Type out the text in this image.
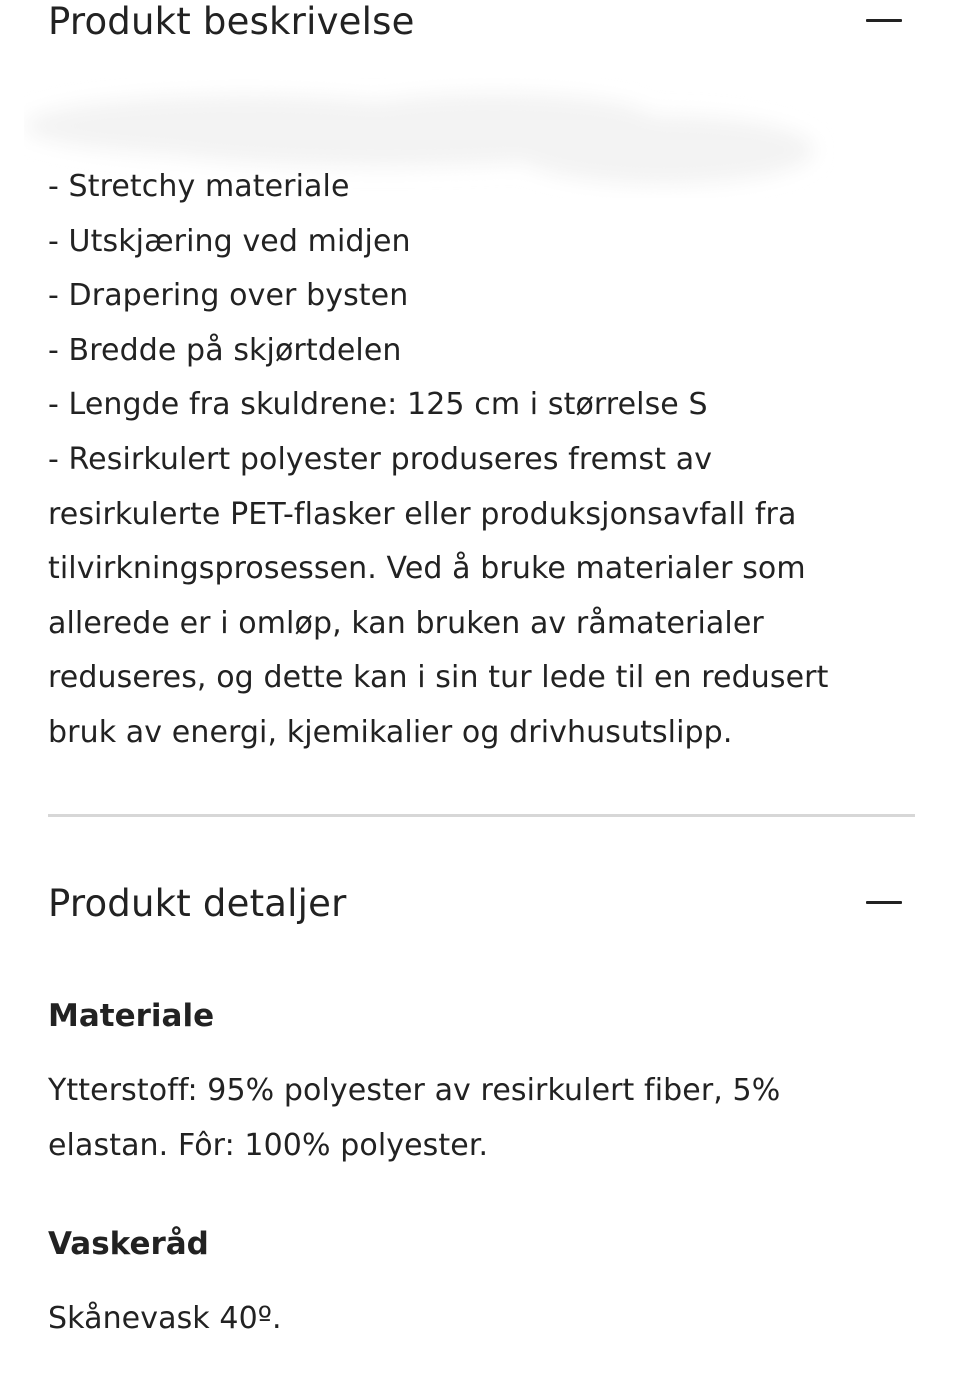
Produkt beskrivelse
- Stretchy materiale
- Utskjæring ved midjen
- Drapering over bysten
- Bredde på skjørtdelen
- Lengde fra skuldrene: 125 cm i størrelse S
- Resirkulert polyester produseres fremst av
resirkulerte PET-flasker eller produksjonsavfall fra
tilvirkningsprosessen. Ved å bruke materialer som
allerede er i omløp, kan bruken av råmaterialer
reduseres, og dette kan i sin tur lede til en redusert
bruk av energi, kjemikalier og drivhusutslipp.
Produkt detaljer
Materiale
Ytterstoff: 95% polyester av resirkulert fiber, 5%
elastan. Fôr: 100% polyester.
Vaskeråd
Skånevask 40º.
